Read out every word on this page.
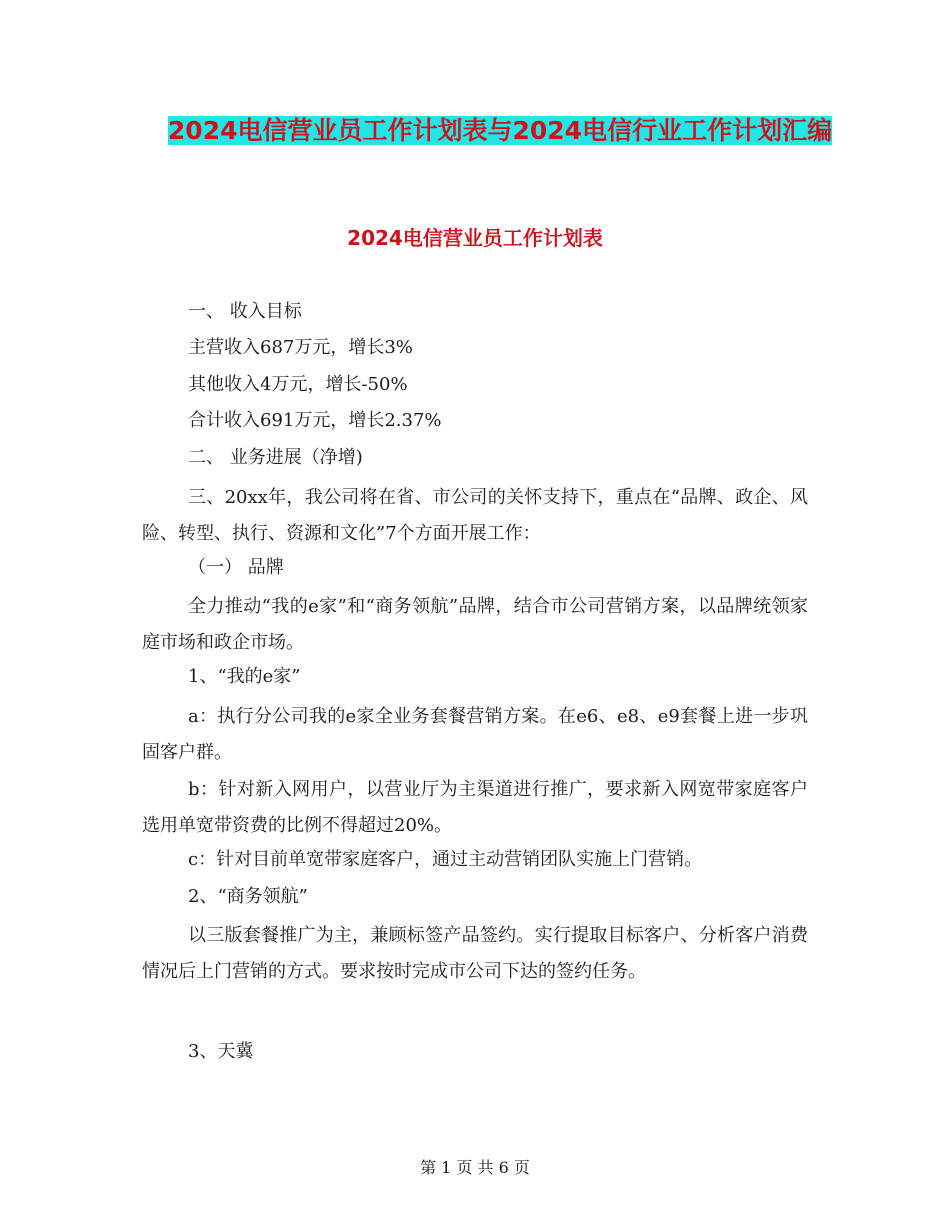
2024电信营业员工作计划表与2024电信行业工作计划汇编
2024电信营业员工作计划表
一、 收入目标
主营收入687万元，增长3%
其他收入4万元，增长-50%
合计收入691万元，增长2.37%
二、 业务进展（净增)
三、20xx年，我公司将在省、市公司的关怀支持下，重点在“品牌、政企、风险、转型、执行、资源和文化”7个方面开展工作：
（一） 品牌
全力推动“我的e家”和“商务领航”品牌，结合市公司营销方案，以品牌统领家庭市场和政企市场。
1、“我的e家”
a：执行分公司我的e家全业务套餐营销方案。在e6、e8、e9套餐上进一步巩固客户群。
b：针对新入网用户，以营业厅为主渠道进行推广，要求新入网宽带家庭客户选用单宽带资费的比例不得超过20%。
c：针对目前单宽带家庭客户，通过主动营销团队实施上门营销。
2、“商务领航”
以三版套餐推广为主，兼顾标签产品签约。实行提取目标客户、分析客户消费情况后上门营销的方式。要求按时完成市公司下达的签约任务。
3、天冀
第 1 页 共 6 页
